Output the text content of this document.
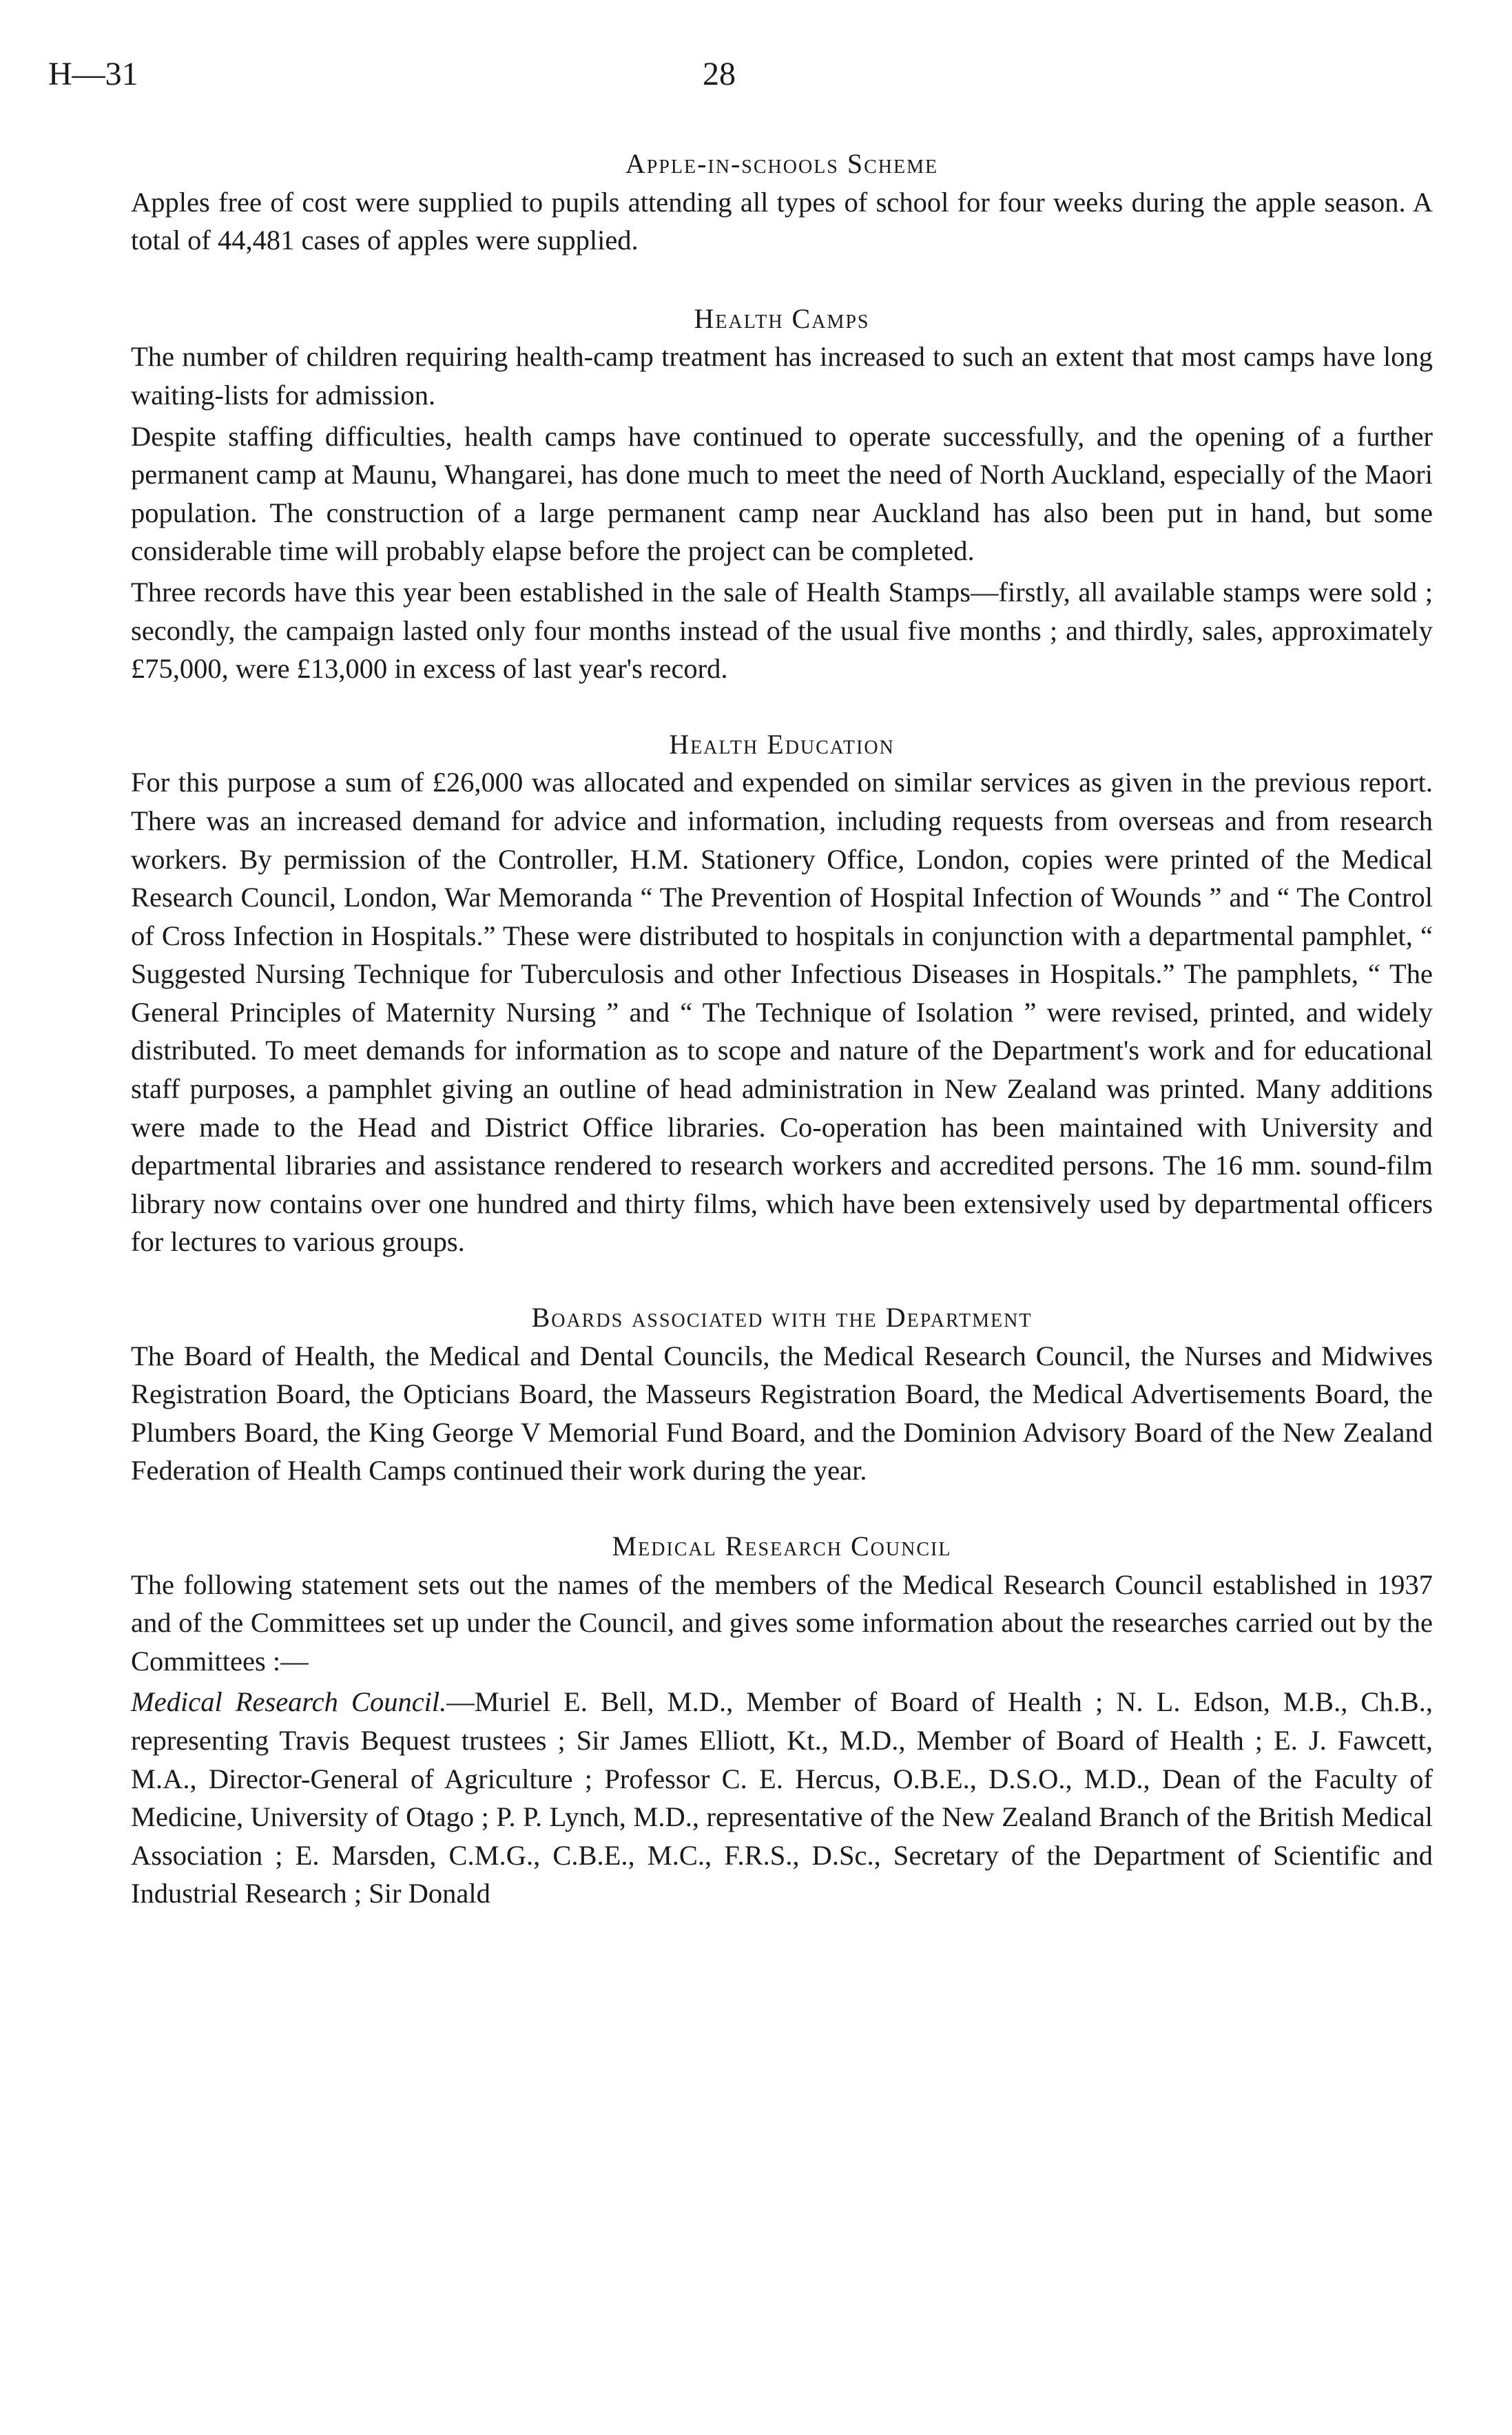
H—31	28
Apple-in-schools Scheme

Apples free of cost were supplied to pupils attending all types of school for four weeks during the apple season. A total of 44,481 cases of apples were supplied.

Health Camps

The number of children requiring health-camp treatment has increased to such an extent that most camps have long waiting-lists for admission.

Despite staffing difficulties, health camps have continued to operate successfully, and the opening of a further permanent camp at Maunu, Whangarei, has done much to meet the need of North Auckland, especially of the Maori population. The construction of a large permanent camp near Auckland has also been put in hand, but some considerable time will probably elapse before the project can be completed.

Three records have this year been established in the sale of Health Stamps—firstly, all available stamps were sold ; secondly, the campaign lasted only four months instead of the usual five months ; and thirdly, sales, approximately £75,000, were £13,000 in excess of last year's record.

Health Education

For this purpose a sum of £26,000 was allocated and expended on similar services as given in the previous report. There was an increased demand for advice and information, including requests from overseas and from research workers. By permission of the Controller, H.M. Stationery Office, London, copies were printed of the Medical Research Council, London, War Memoranda “ The Prevention of Hospital Infection of Wounds ” and “ The Control of Cross Infection in Hospitals.” These were distributed to hospitals in conjunction with a departmental pamphlet, “ Suggested Nursing Technique for Tuberculosis and other Infectious Diseases in Hospitals.” The pamphlets, “ The General Principles of Maternity Nursing ” and “ The Technique of Isolation ” were revised, printed, and widely distributed. To meet demands for information as to scope and nature of the Department's work and for educational staff purposes, a pamphlet giving an outline of head administration in New Zealand was printed. Many additions were made to the Head and District Office libraries. Co-operation has been maintained with University and departmental libraries and assistance rendered to research workers and accredited persons. The 16 mm. sound-film library now contains over one hundred and thirty films, which have been extensively used by departmental officers for lectures to various groups.

Boards associated with the Department

The Board of Health, the Medical and Dental Councils, the Medical Research Council, the Nurses and Midwives Registration Board, the Opticians Board, the Masseurs Registration Board, the Medical Advertisements Board, the Plumbers Board, the King George V Memorial Fund Board, and the Dominion Advisory Board of the New Zealand Federation of Health Camps continued their work during the year.

Medical Research Council

The following statement sets out the names of the members of the Medical Research Council established in 1937 and of the Committees set up under the Council, and gives some information about the researches carried out by the Committees :—

Medical Research Council.—Muriel E. Bell, M.D., Member of Board of Health ; N. L. Edson, M.B., Ch.B., representing Travis Bequest trustees ; Sir James Elliott, Kt., M.D., Member of Board of Health ; E. J. Fawcett, M.A., Director-General of Agriculture ; Professor C. E. Hercus, O.B.E., D.S.O., M.D., Dean of the Faculty of Medicine, University of Otago ; P. P. Lynch, M.D., representative of the New Zealand Branch of the British Medical Association ; E. Marsden, C.M.G., C.B.E., M.C., F.R.S., D.Sc., Secretary of the Department of Scientific and Industrial Research ; Sir Donald
